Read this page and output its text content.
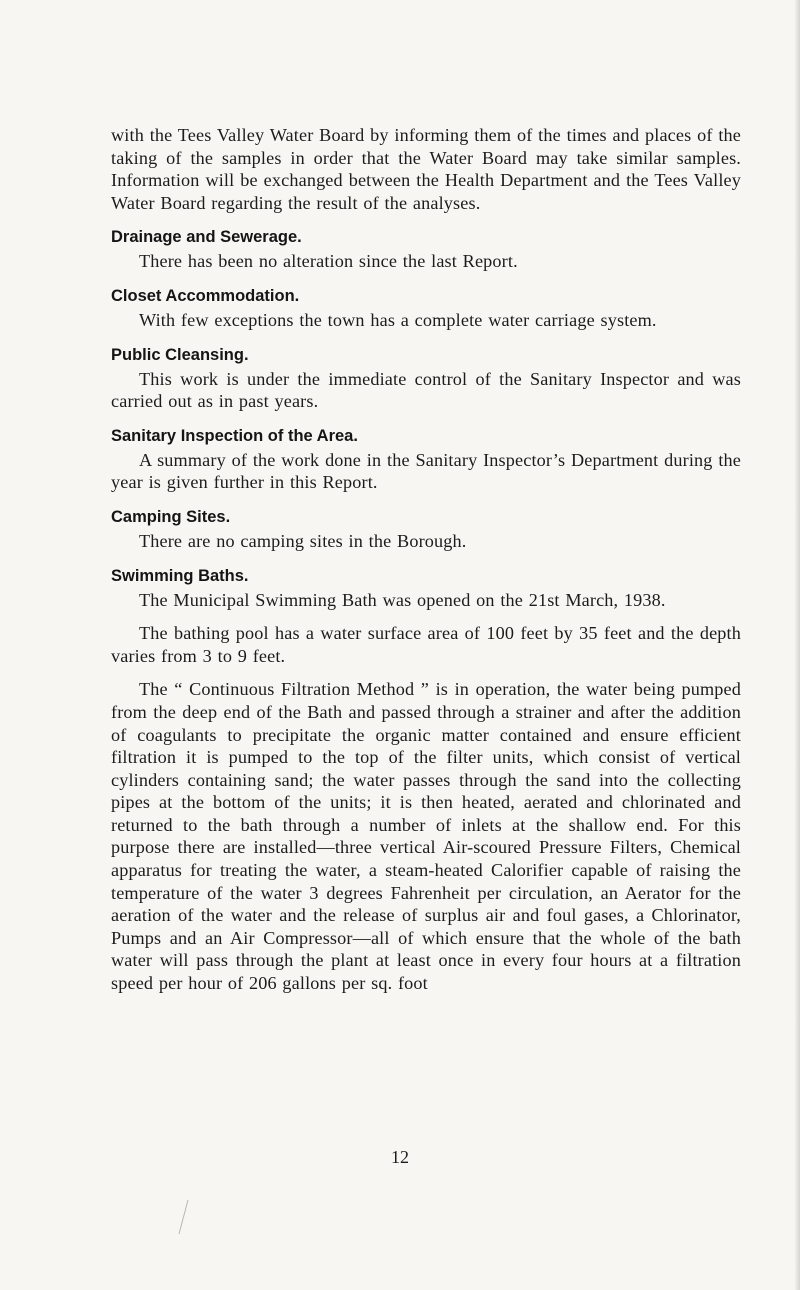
with the Tees Valley Water Board by informing them of the times and places of the taking of the samples in order that the Water Board may take similar samples. Information will be exchanged between the Health Department and the Tees Valley Water Board regarding the result of the analyses.

Drainage and Sewerage.

There has been no alteration since the last Report.

Closet Accommodation.

With few exceptions the town has a complete water carriage system.

Public Cleansing.

This work is under the immediate control of the Sanitary Inspector and was carried out as in past years.

Sanitary Inspection of the Area.

A summary of the work done in the Sanitary Inspector’s Department during the year is given further in this Report.

Camping Sites.

There are no camping sites in the Borough.

Swimming Baths.

The Municipal Swimming Bath was opened on the 21st March, 1938.

The bathing pool has a water surface area of 100 feet by 35 feet and the depth varies from 3 to 9 feet.

The “ Continuous Filtration Method ” is in operation, the water being pumped from the deep end of the Bath and passed through a strainer and after the addition of coagulants to precipitate the organic matter contained and ensure efficient filtration it is pumped to the top of the filter units, which consist of vertical cylinders containing sand; the water passes through the sand into the collecting pipes at the bottom of the units; it is then heated, aerated and chlorinated and returned to the bath through a number of inlets at the shallow end. For this purpose there are installed—three vertical Air-scoured Pressure Filters, Chemical apparatus for treating the water, a steam-heated Calorifier capable of raising the temperature of the water 3 degrees Fahrenheit per circulation, an Aerator for the aeration of the water and the release of surplus air and foul gases, a Chlorinator, Pumps and an Air Compressor—all of which ensure that the whole of the bath water will pass through the plant at least once in every four hours at a filtration speed per hour of 206 gallons per sq. foot

12
